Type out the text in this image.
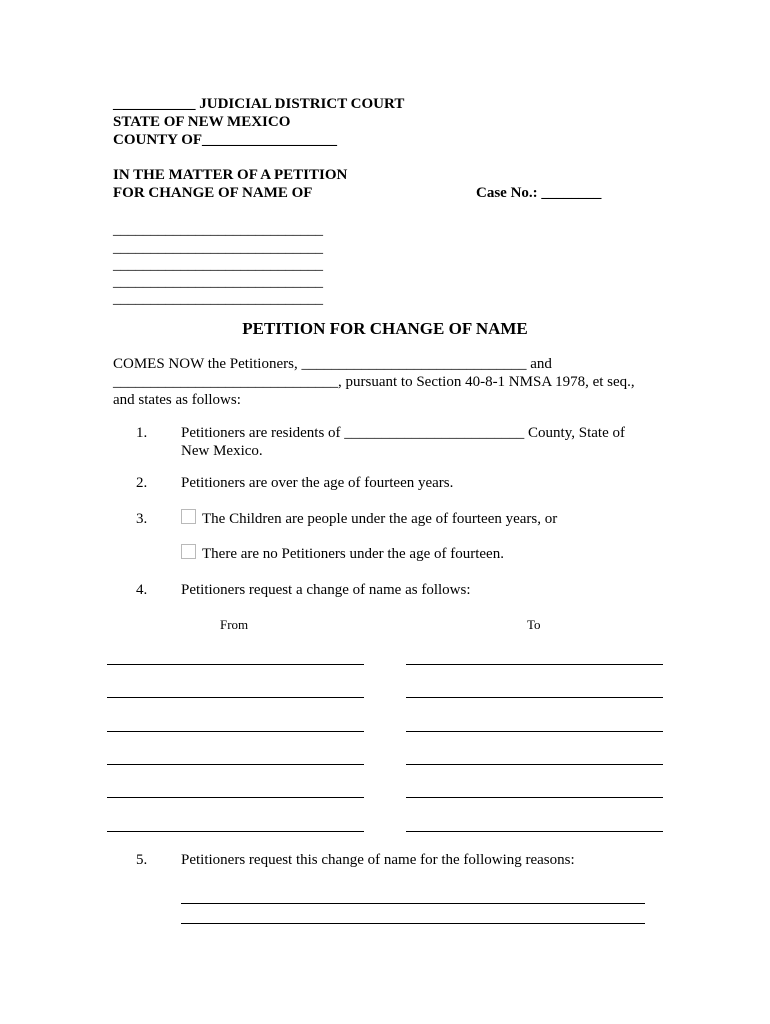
___________ JUDICIAL DISTRICT COURT
STATE OF NEW MEXICO
COUNTY OF__________________
IN THE MATTER OF A PETITION
FOR CHANGE OF NAME OF	Case No.: ________
____________________________
____________________________
____________________________
____________________________
____________________________
PETITION FOR CHANGE OF NAME
COMES NOW the Petitioners, ______________________________ and
______________________________, pursuant to Section 40-8-1 NMSA 1978, et seq.,
and states as follows:
1. Petitioners are residents of ________________________ County, State of
New Mexico.
2. Petitioners are over the age of fourteen years.
3.	The Children are people under the age of fourteen years, or
There are no Petitioners under the age of fourteen.
4. Petitioners request a change of name as follows:
From	To
5. Petitioners request this change of name for the following reasons:
